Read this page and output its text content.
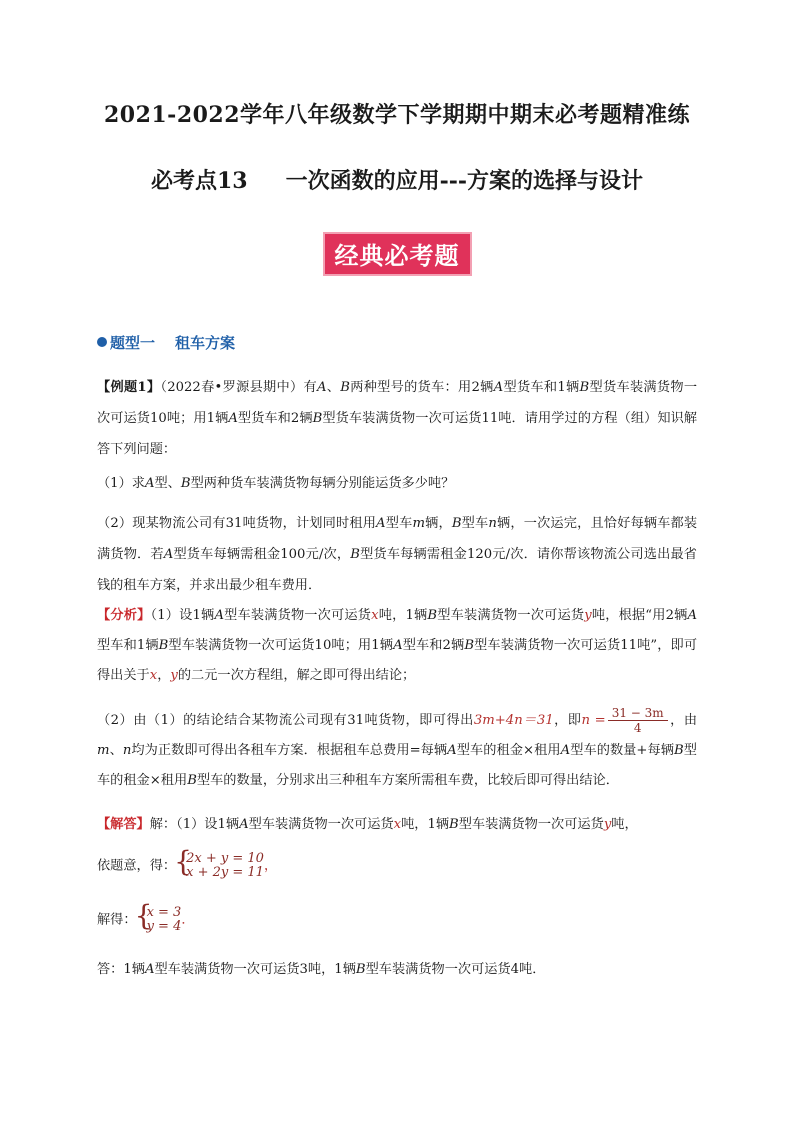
2021-2022学年八年级数学下学期期中期末必考题精准练
必考点13 一次函数的应用---方案的选择与设计
经典必考题
题型一 租车方案
【例题1】（2022春•罗源县期中）有A、B两种型号的货车：用2辆A型货车和1辆B型货车装满货物一次可运货10吨；用1辆A型货车和2辆B型货车装满货物一次可运货11吨．请用学过的方程（组）知识解答下列问题：
（1）求A型、B型两种货车装满货物每辆分别能运货多少吨？
（2）现某物流公司有31吨货物，计划同时租用A型车m辆，B型车n辆，一次运完，且恰好每辆车都装满货物．若A型货车每辆需租金100元/次，B型货车每辆需租金120元/次．请你帮该物流公司选出最省钱的租车方案，并求出最少租车费用．
【分析】（1）设1辆A型车装满货物一次可运货x吨，1辆B型车装满货物一次可运货y吨，根据“用2辆A型车和1辆B型车装满货物一次可运货10吨；用1辆A型车和2辆B型车装满货物一次可运货11吨”，即可得出关于x，y的二元一次方程组，解之即可得出结论；
（2）由（1）的结论结合某物流公司现有31吨货物，即可得出3m+4n＝31，即$n = \frac{31 - 3m}{4}$ ，由m、n均为正数即可得出各租车方案．根据租车总费用=每辆A型车的租金×租用A型车的数量+每辆B型车的租金×租用B型车的数量，分别求出三种租车方案所需租车费，比较后即可得出结论．
【解答】解：（1）设1辆A型车装满货物一次可运货x吨，1辆B型车装满货物一次可运货y吨，
依题意，得： { 2x + y = 10
x + 2y = 11 ，
解得： { x = 3
y = 4 ．
答：1辆A型车装满货物一次可运货3吨，1辆B型车装满货物一次可运货4吨．
